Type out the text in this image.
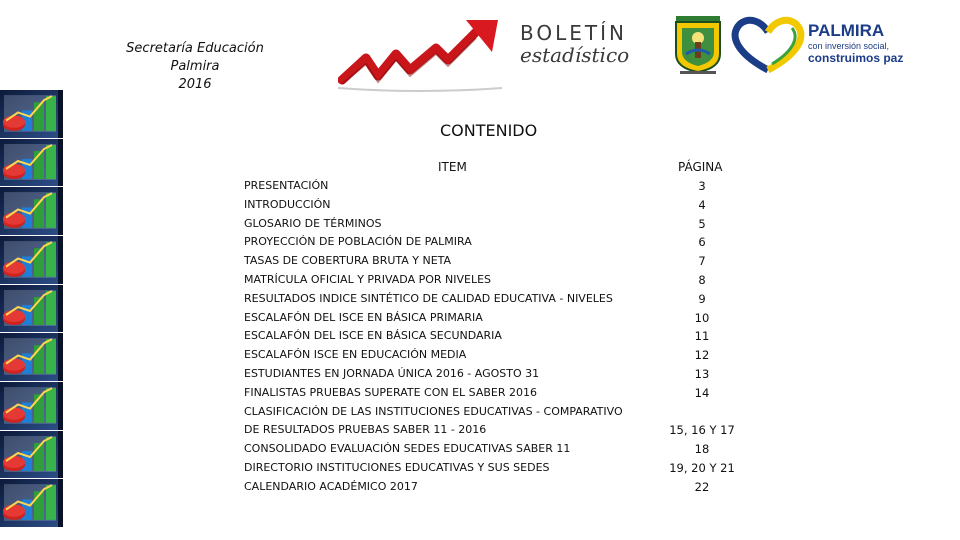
Secretaría Educación
Palmira
2016
BOLETÍN
estadístico
PALMIRA
con inversión social,
construimos paz
CONTENIDO
ITEM	PÁGINA
PRESENTACIÓN	3
INTRODUCCIÓN	4
GLOSARIO DE TÉRMINOS	5
PROYECCIÓN DE POBLACIÓN DE PALMIRA	6
TASAS DE COBERTURA BRUTA Y NETA	7
MATRÍCULA OFICIAL Y PRIVADA POR NIVELES	8
RESULTADOS INDICE SINTÉTICO DE CALIDAD EDUCATIVA - NIVELES	9
ESCALAFÓN DEL ISCE EN BÁSICA PRIMARIA	10
ESCALAFÓN DEL ISCE EN BÁSICA SECUNDARIA	11
ESCALAFÓN ISCE EN EDUCACIÓN MEDIA	12
ESTUDIANTES EN JORNADA ÚNICA 2016 - AGOSTO 31	13
FINALISTAS PRUEBAS SUPERATE CON EL SABER 2016	14
CLASIFICACIÓN DE LAS INSTITUCIONES EDUCATIVAS - COMPARATIVO
DE RESULTADOS PRUEBAS SABER 11 - 2016	15, 16 Y 17
CONSOLIDADO EVALUACIÓN SEDES EDUCATIVAS SABER 11	18
DIRECTORIO INSTITUCIONES EDUCATIVAS Y SUS SEDES	19, 20 Y 21
CALENDARIO ACADÉMICO 2017	22
